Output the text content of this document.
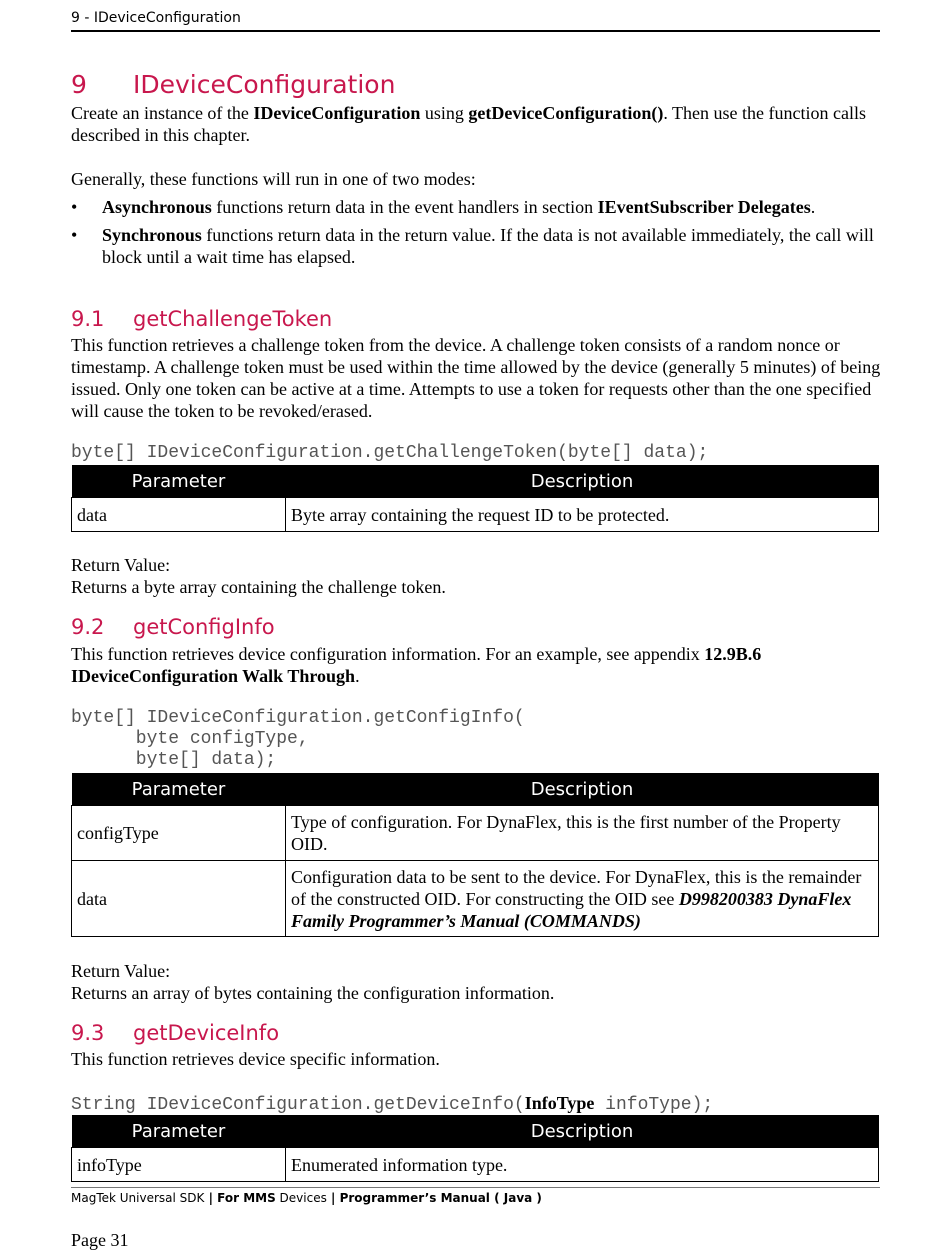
9 - IDeviceConfiguration
9 IDeviceConfiguration
Create an instance of the IDeviceConfiguration using getDeviceConfiguration(). Then use the function calls described in this chapter.
Generally, these functions will run in one of two modes:
• Asynchronous functions return data in the event handlers in section IEventSubscriber Delegates.
• Synchronous functions return data in the return value. If the data is not available immediately, the call will block until a wait time has elapsed.
9.1 getChallengeToken
This function retrieves a challenge token from the device. A challenge token consists of a random nonce or timestamp. A challenge token must be used within the time allowed by the device (generally 5 minutes) of being issued. Only one token can be active at a time. Attempts to use a token for requests other than the one specified will cause the token to be revoked/erased.
byte[] IDeviceConfiguration.getChallengeToken(byte[] data);
Parameter	Description
data	Byte array containing the request ID to be protected.
Return Value:
Returns a byte array containing the challenge token.
9.2 getConfigInfo
This function retrieves device configuration information. For an example, see appendix 12.9B.6 IDeviceConfiguration Walk Through.
byte[] IDeviceConfiguration.getConfigInfo(
byte configType,
byte[] data);
Parameter	Description
configType	Type of configuration. For DynaFlex, this is the first number of the Property OID.
data	Configuration data to be sent to the device. For DynaFlex, this is the remainder of the constructed OID. For constructing the OID see D998200383 DynaFlex Family Programmer’s Manual (COMMANDS)
Return Value:
Returns an array of bytes containing the configuration information.
9.3 getDeviceInfo
This function retrieves device specific information.
String IDeviceConfiguration.getDeviceInfo(InfoType infoType);
Parameter	Description
infoType	Enumerated information type.
MagTek Universal SDK | For MMS Devices | Programmer’s Manual ( Java )
Page 31
